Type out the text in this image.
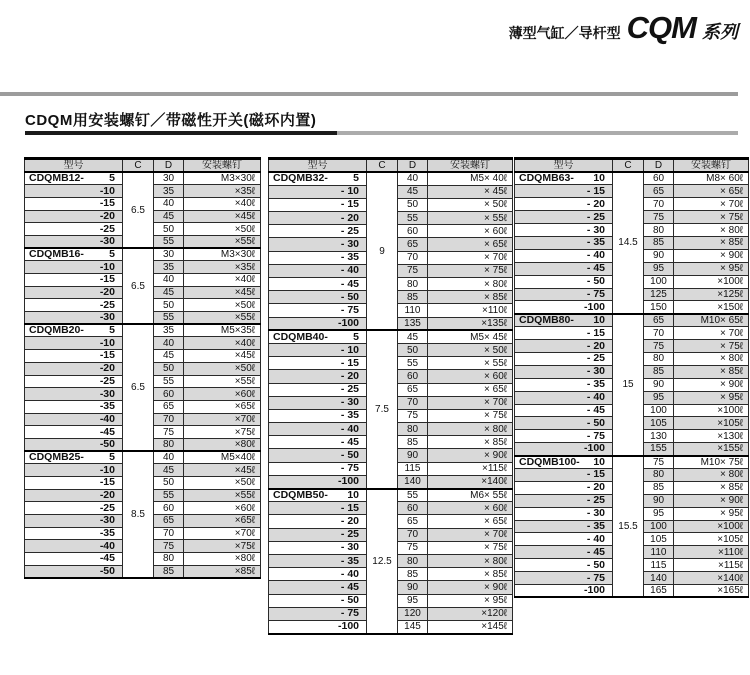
薄型气缸／导杆型 CQM 系列
CDQM用安装螺钉／带磁性开关(磁环内置)
型号	C	D	安装螺钉

CDQMB12- 5	6.5	30	M3×30ℓ
-10		35	×35ℓ
-15		40	×40ℓ
-20		45	×45ℓ
-25		50	×50ℓ
-30		55	×55ℓ

CDQMB16- 5	6.5	30	M3×30ℓ
-10		35	×35ℓ
-15		40	×40ℓ
-20		45	×45ℓ
-25		50	×50ℓ
-30		55	×55ℓ

CDQMB20- 5	6.5	35	M5×35ℓ
-10		40	×40ℓ
-15		45	×45ℓ
-20		50	×50ℓ
-25		55	×55ℓ
-30		60	×60ℓ
-35		65	×65ℓ
-40		70	×70ℓ
-45		75	×75ℓ
-50		80	×80ℓ

CDQMB25- 5	8.5	40	M5×40ℓ
-10		45	×45ℓ
-15		50	×50ℓ
-20		55	×55ℓ
-25		60	×60ℓ
-30		65	×65ℓ
-35		70	×70ℓ
-40		75	×75ℓ
-45		80	×80ℓ
-50		85	×85ℓ
型号	C	D	安装螺钉

CDQMB32- 5	9	40	M5× 40ℓ
- 10		45	× 45ℓ
- 15		50	× 50ℓ
- 20		55	× 55ℓ
- 25		60	× 60ℓ
- 30		65	× 65ℓ
- 35		70	× 70ℓ
- 40		75	× 75ℓ
- 45		80	× 80ℓ
- 50		85	× 85ℓ
- 75		110	×110ℓ
-100		135	×135ℓ

CDQMB40- 5	7.5	45	M5× 45ℓ
- 10		50	× 50ℓ
- 15		55	× 55ℓ
- 20		60	× 60ℓ
- 25		65	× 65ℓ
- 30		70	× 70ℓ
- 35		75	× 75ℓ
- 40		80	× 80ℓ
- 45		85	× 85ℓ
- 50		90	× 90ℓ
- 75		115	×115ℓ
-100		140	×140ℓ

CDQMB50- 10	12.5	55	M6× 55ℓ
- 15		60	× 60ℓ
- 20		65	× 65ℓ
- 25		70	× 70ℓ
- 30		75	× 75ℓ
- 35		80	× 80ℓ
- 40		85	× 85ℓ
- 45		90	× 90ℓ
- 50		95	× 95ℓ
- 75		120	×120ℓ
-100		145	×145ℓ
型号	C	D	安装螺钉

CDQMB63- 10	14.5	60	M8× 60ℓ
- 15		65	× 65ℓ
- 20		70	× 70ℓ
- 25		75	× 75ℓ
- 30		80	× 80ℓ
- 35		85	× 85ℓ
- 40		90	× 90ℓ
- 45		95	× 95ℓ
- 50		100	×100ℓ
- 75		125	×125ℓ
-100		150	×150ℓ

CDQMB80- 10	15	65	M10× 65ℓ
- 15		70	× 70ℓ
- 20		75	× 75ℓ
- 25		80	× 80ℓ
- 30		85	× 85ℓ
- 35		90	× 90ℓ
- 40		95	× 95ℓ
- 45		100	×100ℓ
- 50		105	×105ℓ
- 75		130	×130ℓ
-100		155	×155ℓ

CDQMB100- 10	15.5	75	M10× 75ℓ
- 15		80	× 80ℓ
- 20		85	× 85ℓ
- 25		90	× 90ℓ
- 30		95	× 95ℓ
- 35		100	×100ℓ
- 40		105	×105ℓ
- 45		110	×110ℓ
- 50		115	×115ℓ
- 75		140	×140ℓ
-100		165	×165ℓ
